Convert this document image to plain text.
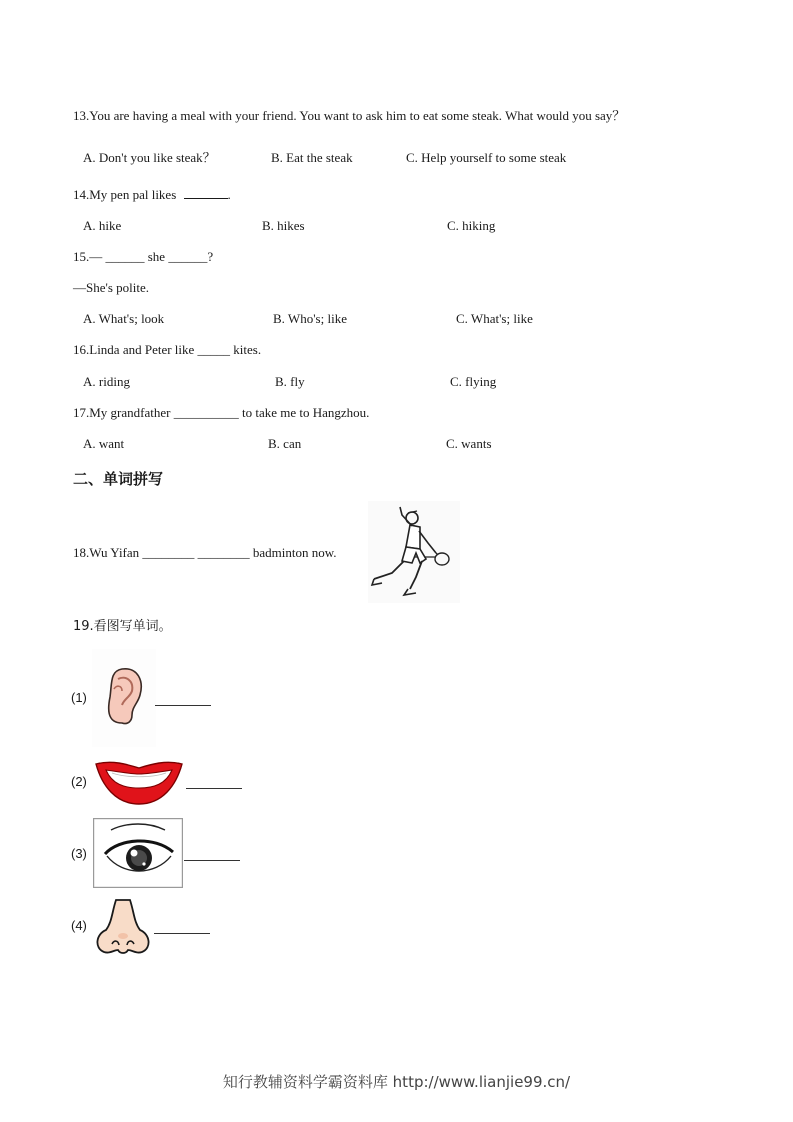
13.You are having a meal with your friend. You want to ask him to eat some steak. What would you say？
A. Don't you like steak？	B. Eat the steak	C. Help yourself to some steak
14.My pen pal likes	.
A. hike	B. hikes	C. hiking
15.— ______ she ______?
—She's polite.
A. What's; look	B. Who's; like	C. What's; like
16.Linda and Peter like _____ kites.
A. riding	B. fly	C. flying
17.My grandfather __________ to take me to Hangzhou.
A. want	B. can	C. wants
二、单词拼写
18.Wu Yifan ________ ________ badminton now.
19.看图写单词。
(1)
(2)
(3)
(4)
知行教辅资料学霸资料库 http://www.lianjie99.cn/
